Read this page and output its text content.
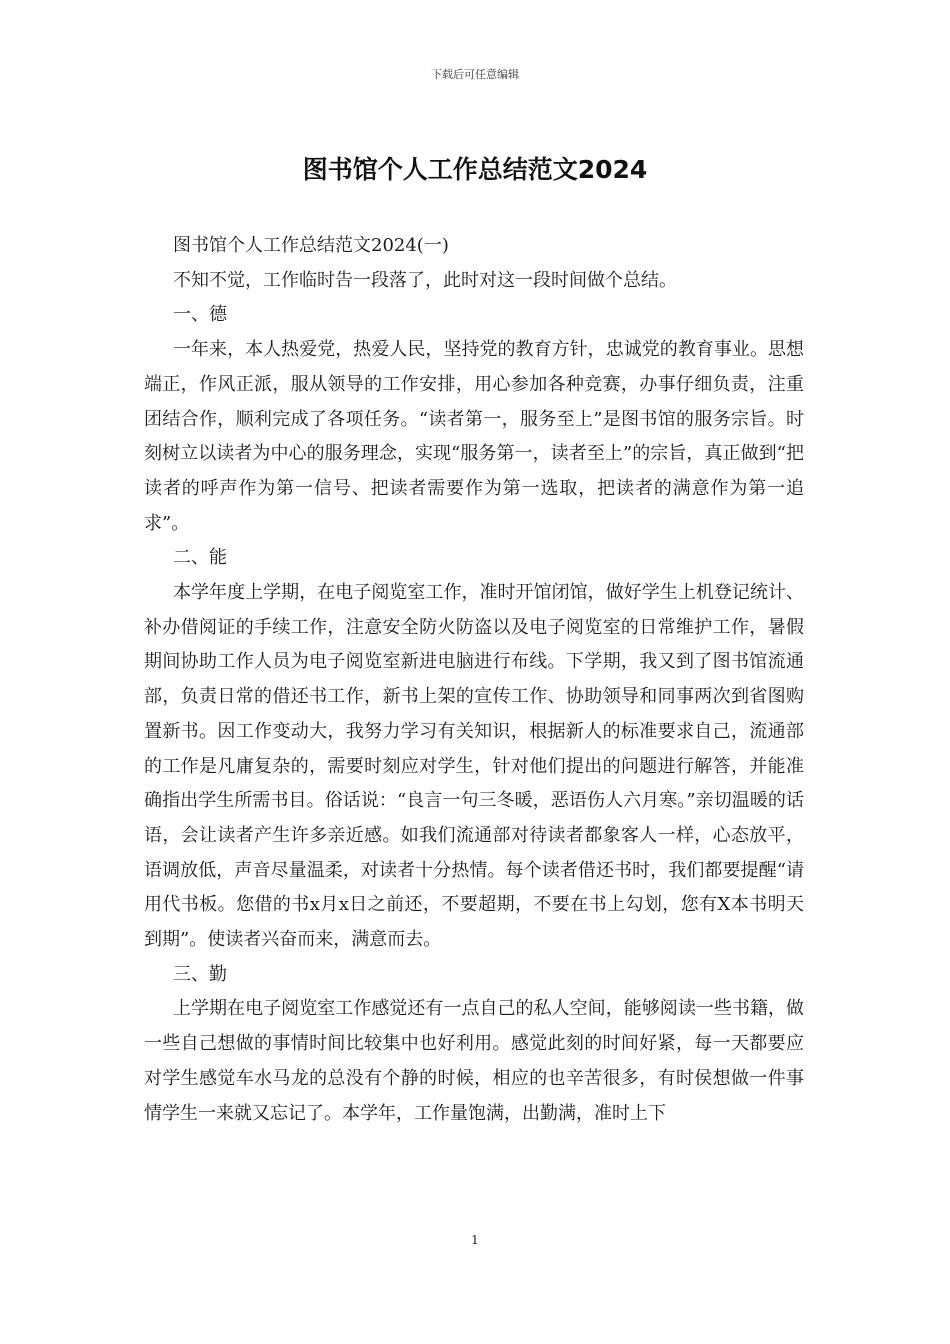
下载后可任意编辑
图书馆个人工作总结范文2024

图书馆个人工作总结范文2024(一)

不知不觉，工作临时告一段落了，此时对这一段时间做个总结。

一、德

一年来，本人热爱党，热爱人民，坚持党的教育方针，忠诚党的教育事业。思想端正，作风正派，服从领导的工作安排，用心参加各种竞赛，办事仔细负责，注重团结合作，顺利完成了各项任务。“读者第一，服务至上”是图书馆的服务宗旨。时刻树立以读者为中心的服务理念，实现“服务第一，读者至上”的宗旨，真正做到“把读者的呼声作为第一信号、把读者需要作为第一选取，把读者的满意作为第一追求”。

二、能

本学年度上学期，在电子阅览室工作，准时开馆闭馆，做好学生上机登记统计、补办借阅证的手续工作，注意安全防火防盗以及电子阅览室的日常维护工作，暑假期间协助工作人员为电子阅览室新进电脑进行布线。下学期，我又到了图书馆流通部，负责日常的借还书工作，新书上架的宣传工作、协助领导和同事两次到省图购置新书。因工作变动大，我努力学习有关知识，根据新人的标准要求自己，流通部的工作是凡庸复杂的，需要时刻应对学生，针对他们提出的问题进行解答，并能准确指出学生所需书目。俗话说：“良言一句三冬暖，恶语伤人六月寒。”亲切温暖的话语，会让读者产生许多亲近感。如我们流通部对待读者都象客人一样，心态放平，语调放低，声音尽量温柔，对读者十分热情。每个读者借还书时，我们都要提醒“请用代书板。您借的书x月x日之前还，不要超期，不要在书上勾划，您有X本书明天到期”。使读者兴奋而来，满意而去。

三、勤

上学期在电子阅览室工作感觉还有一点自己的私人空间，能够阅读一些书籍，做一些自己想做的事情时间比较集中也好利用。感觉此刻的时间好紧，每一天都要应对学生感觉车水马龙的总没有个静的时候，相应的也辛苦很多，有时侯想做一件事情学生一来就又忘记了。本学年，工作量饱满，出勤满，准时上下

1
